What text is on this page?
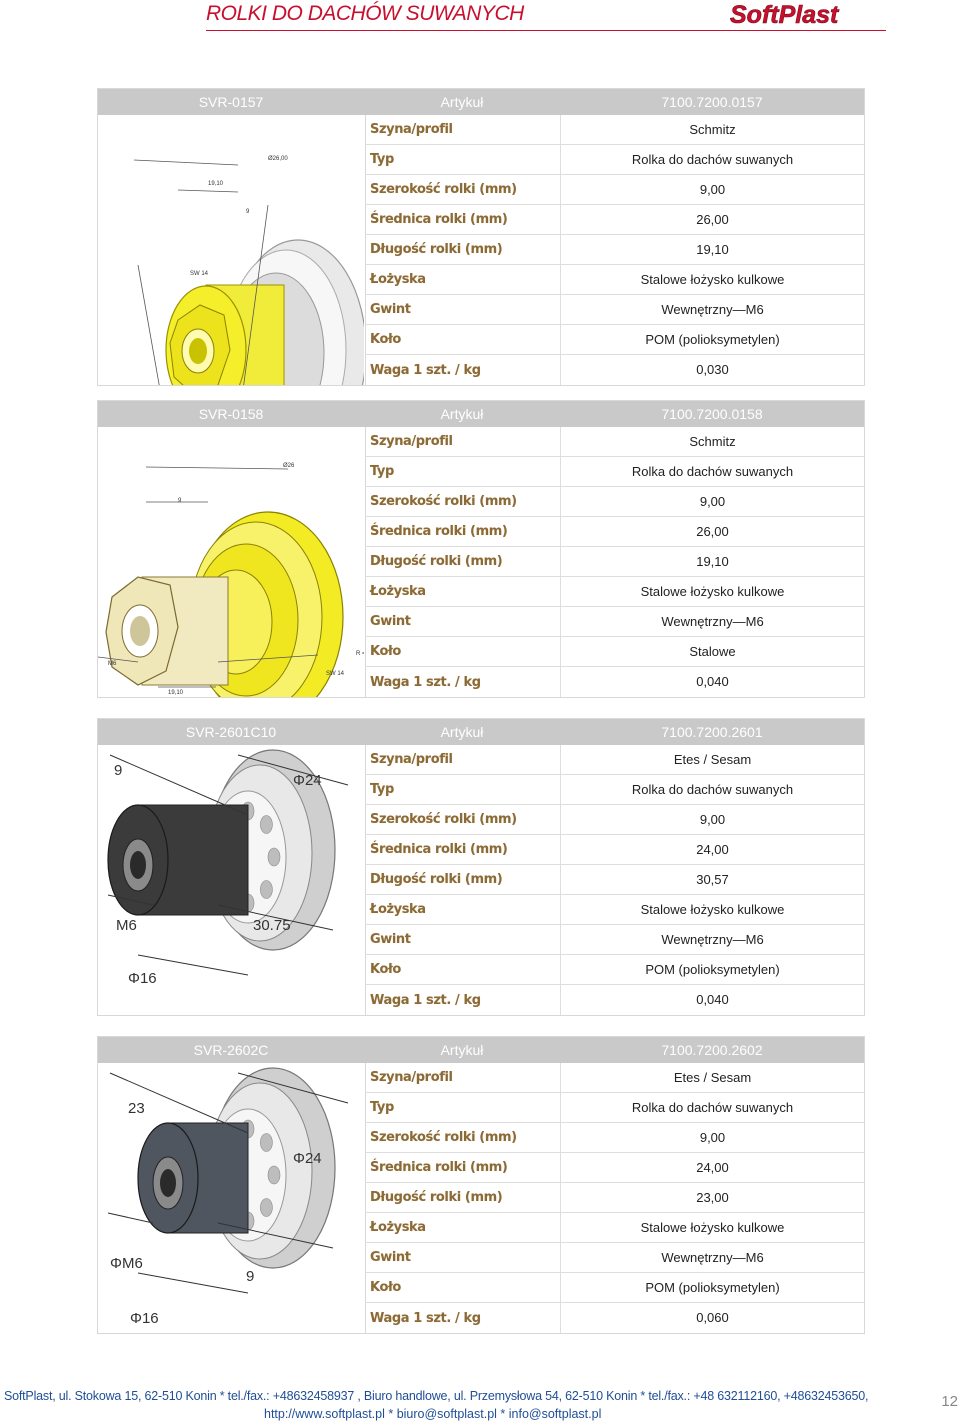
ROLKI DO DACHÓW SUWANYCH	SoftPlast
SVR-0157	Artykuł	7100.7200.0157
Ø26,00
19,10
9
SW 14
Szyna/profil	Schmitz
Typ	Rolka do dachów suwanych
Szerokość rolki (mm)	9,00
Średnica rolki (mm)	26,00
Długość rolki (mm)	19,10
Łożyska	Stalowe łożysko kulkowe
Gwint	Wewnętrzny—M6
Koło	POM (polioksymetylen)
Waga 1 szt. / kg	0,030
SVR-0158	Artykuł	7100.7200.0158
Ø26
9
R =
SW 14
M6
19,10
Szyna/profil	Schmitz
Typ	Rolka do dachów suwanych
Szerokość rolki (mm)	9,00
Średnica rolki (mm)	26,00
Długość rolki (mm)	19,10
Łożyska	Stalowe łożysko kulkowe
Gwint	Wewnętrzny—M6
Koło	Stalowe
Waga 1 szt. / kg	0,040
SVR-2601C10	Artykuł	7100.7200.2601
9
Φ24
M6	30.75
Φ16
Szyna/profil	Etes / Sesam
Typ	Rolka do dachów suwanych
Szerokość rolki (mm)	9,00
Średnica rolki (mm)	24,00
Długość rolki (mm)	30,57
Łożyska	Stalowe łożysko kulkowe
Gwint	Wewnętrzny—M6
Koło	POM (polioksymetylen)
Waga 1 szt. / kg	0,040
SVR-2602C	Artykuł	7100.7200.2602
23
Φ24
ΦM6
Φ16
9
Szyna/profil	Etes / Sesam
Typ	Rolka do dachów suwanych
Szerokość rolki (mm)	9,00
Średnica rolki (mm)	24,00
Długość rolki (mm)	23,00
Łożyska	Stalowe łożysko kulkowe
Gwint	Wewnętrzny—M6
Koło	POM (polioksymetylen)
Waga 1 szt. / kg	0,060
SoftPlast, ul. Stokowa 15, 62-510 Konin * tel./fax.: +48632458937 , Biuro handlowe, ul. Przemysłowa 54, 62-510 Konin * tel./fax.: +48 632112160, +48632453650,
http://www.softplast.pl * biuro@softplast.pl * info@softplast.pl
12
